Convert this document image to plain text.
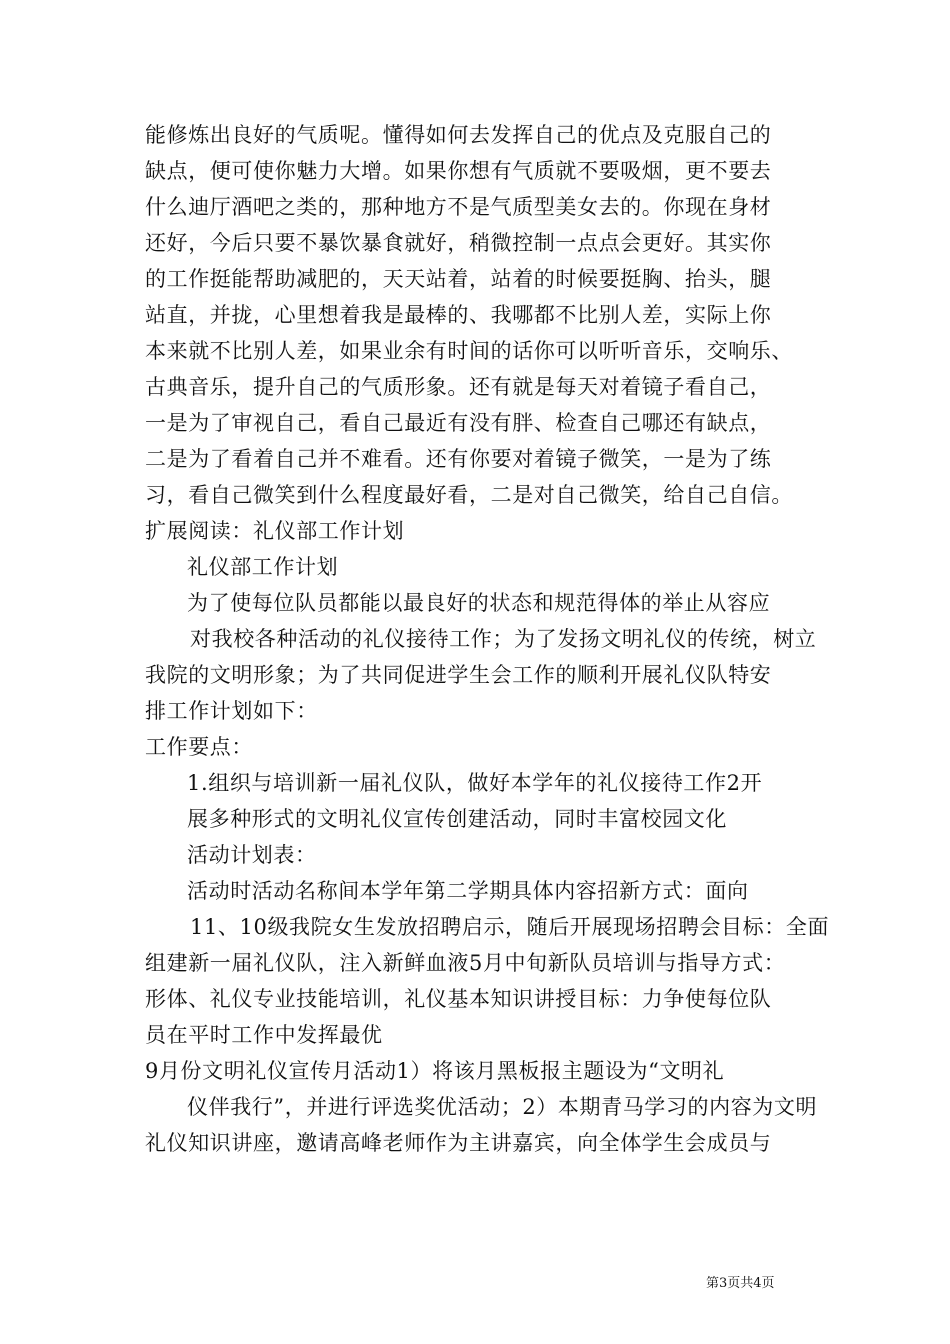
能修炼出良好的气质呢。懂得如何去发挥自己的优点及克服自己的
缺点，便可使你魅力大增。如果你想有气质就不要吸烟，更不要去
什么迪厅酒吧之类的，那种地方不是气质型美女去的。你现在身材
还好，今后只要不暴饮暴食就好，稍微控制一点点会更好。其实你
的工作挺能帮助减肥的，天天站着，站着的时候要挺胸、抬头，腿
站直，并拢，心里想着我是最棒的、我哪都不比别人差，实际上你
本来就不比别人差，如果业余有时间的话你可以听听音乐，交响乐、
古典音乐，提升自己的气质形象。还有就是每天对着镜子看自己，
一是为了审视自己，看自己最近有没有胖、检查自己哪还有缺点，
二是为了看着自己并不难看。还有你要对着镜子微笑，一是为了练
习，看自己微笑到什么程度最好看，二是对自己微笑，给自己自信。
扩展阅读：礼仪部工作计划
礼仪部工作计划
为了使每位队员都能以最良好的状态和规范得体的举止从容应
对我校各种活动的礼仪接待工作；为了发扬文明礼仪的传统，树立
我院的文明形象；为了共同促进学生会工作的顺利开展礼仪队特安
排工作计划如下：
工作要点：
1.组织与培训新一届礼仪队，做好本学年的礼仪接待工作2开
展多种形式的文明礼仪宣传创建活动，同时丰富校园文化
活动计划表：
活动时活动名称间本学年第二学期具体内容招新方式：面向
11、10级我院女生发放招聘启示，随后开展现场招聘会目标：全面
组建新一届礼仪队，注入新鲜血液5月中旬新队员培训与指导方式：
形体、礼仪专业技能培训，礼仪基本知识讲授目标：力争使每位队
员在平时工作中发挥最优
9月份文明礼仪宣传月活动1）将该月黑板报主题设为“文明礼
仪伴我行”，并进行评选奖优活动；2）本期青马学习的内容为文明
礼仪知识讲座，邀请高峰老师作为主讲嘉宾，向全体学生会成员与
第3页共4页
